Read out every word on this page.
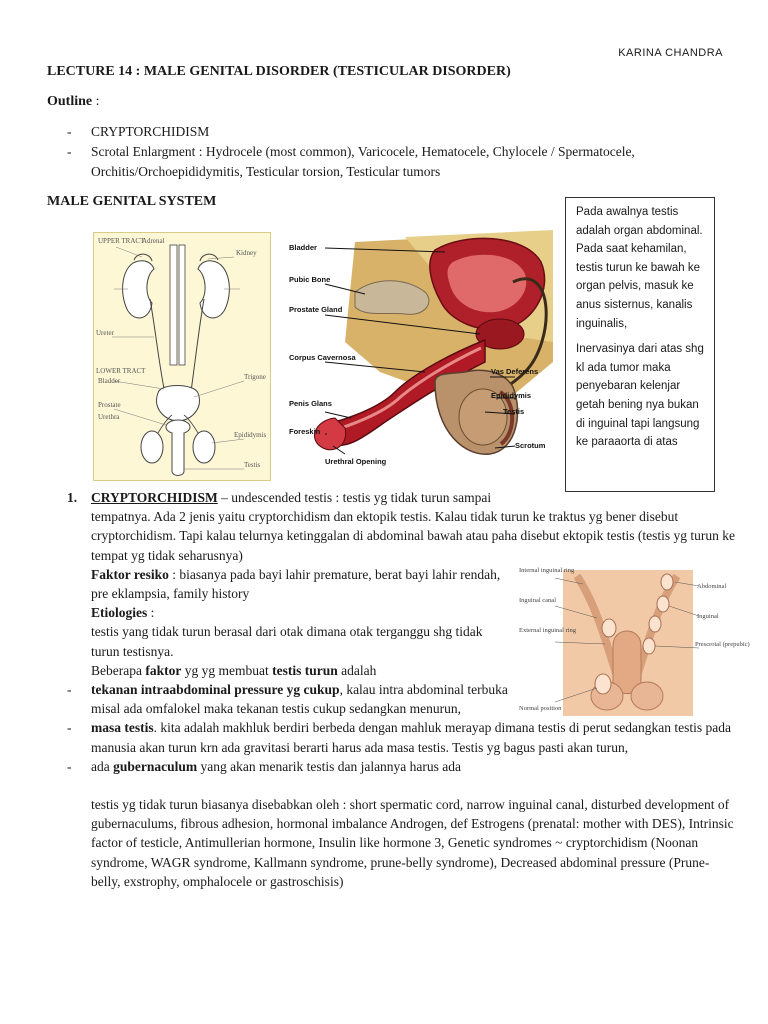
KARINA CHANDRA
LECTURE 14 : MALE GENITAL DISORDER (TESTICULAR DISORDER)
Outline :
-	CRYPTORCHIDISM
-	Scrotal Enlargment : Hydrocele (most common), Varicocele, Hematocele, Chylocele / Spermatocele, Orchitis/Orchoepididymitis, Testicular torsion, Testicular tumors
MALE GENITAL SYSTEM
UPPER TRACT
Adrenal
Kidney
Ureter
LOWER TRACT
Bladder	Trigone
Prostate
Urethra
Epididymis
Testis
Bladder
Pubic Bone
Prostate Gland
Corpus Cavernosa
Penis Glans
Foreskin
Urethral Opening
Vas Deferens
Epididymis
Testis
Scrotum

Pada awalnya testis adalah organ abdominal. Pada saat kehamilan, testis turun ke bawah ke organ pelvis, masuk ke anus sisternus, kanalis inguinalis,

Inervasinya dari atas shg kl ada tumor maka penyebaran kelenjar getah bening nya bukan di inguinal tapi langsung ke paraaorta di atas

Internal inguinal ring
Inguinal canal
External inguinal ring
Normal position
Abdominal
Inguinal
Prescrotal (prepubic)
1.	CRYPTORCHIDISM – undescended testis : testis yg tidak turun sampai
tempatnya. Ada 2 jenis yaitu cryptorchidism dan ektopik testis. Kalau tidak turun ke traktus yg bener disebut cryptorchidism. Tapi kalau telurnya ketinggalan di abdominal bawah atau paha disebut ektopik testis (testis yg turun ke tempat yg tidak seharusnya)
Faktor resiko : biasanya pada bayi lahir premature, berat bayi lahir rendah, pre eklampsia, family history
Etiologies :
testis yang tidak turun berasal dari otak dimana otak terganggu shg tidak turun testisnya.
Beberapa faktor yg yg membuat testis turun adalah
-	tekanan intraabdominal pressure yg cukup, kalau intra abdominal terbuka misal ada omfalokel maka tekanan testis cukup sedangkan menurun,
-	masa testis. kita adalah makhluk berdiri berbeda dengan mahluk merayap dimana testis di perut sedangkan testis pada manusia akan turun krn ada gravitasi berarti harus ada masa testis. Testis yg bagus pasti akan turun,
-	ada gubernaculum yang akan menarik testis dan jalannya harus ada
testis yg tidak turun biasanya disebabkan oleh : short spermatic cord, narrow inguinal canal, disturbed development of gubernaculums, fibrous adhesion, hormonal imbalance Androgen, def Estrogens (prenatal: mother with DES), Intrinsic factor of testicle, Antimullerian hormone, Insulin like hormone 3, Genetic syndromes ~ cryptorchidism (Noonan syndrome, WAGR syndrome, Kallmann syndrome, prune-belly syndrome), Decreased abdominal pressure (Prune-belly, exstrophy, omphalocele or gastroschisis)
